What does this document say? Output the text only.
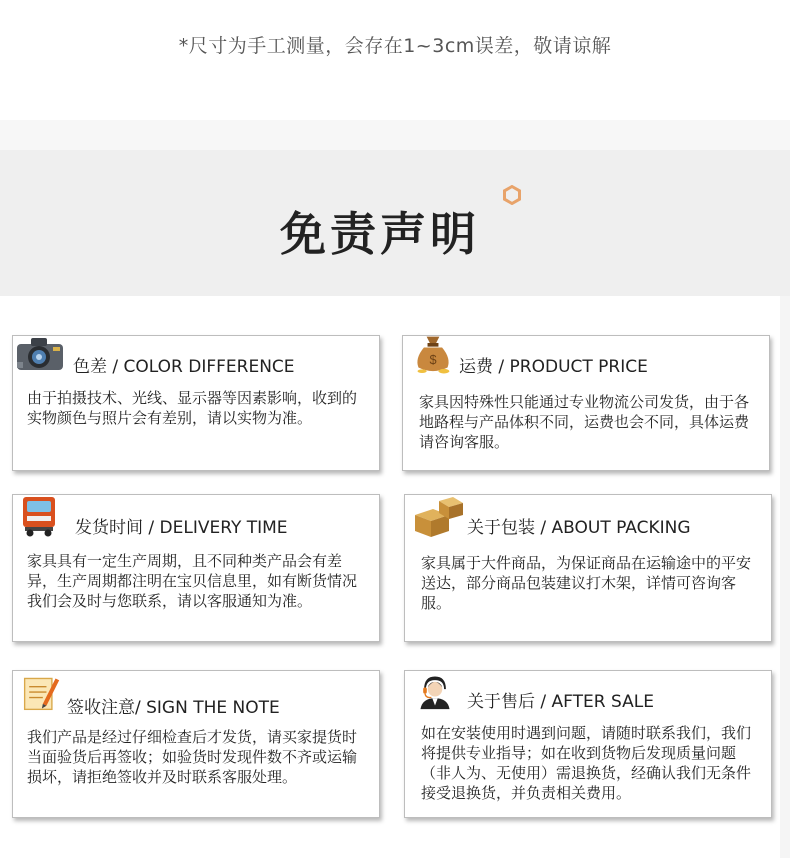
*尺寸为手工测量，会存在1~3cm误差，敬请谅解
免责声明
色差 / COLOR DIFFERENCE
由于拍摄技术、光线、显示器等因素影响，收到的实物颜色与照片会有差别，请以实物为准。
$ 运费 / PRODUCT PRICE
家具因特殊性只能通过专业物流公司发货，由于各地路程与产品体积不同，运费也会不同，具体运费请咨询客服。
发货时间 / DELIVERY TIME
家具具有一定生产周期，且不同种类产品会有差异，生产周期都注明在宝贝信息里，如有断货情况我们会及时与您联系，请以客服通知为准。
关于包装 / ABOUT PACKING
家具属于大件商品，为保证商品在运输途中的平安送达，部分商品包装建议打木架，详情可咨询客服。
签收注意/ SIGN THE NOTE
我们产品是经过仔细检查后才发货，请买家提货时当面验货后再签收；如验货时发现件数不齐或运输损坏，请拒绝签收并及时联系客服处理。
关于售后 / AFTER SALE
如在安装使用时遇到问题，请随时联系我们，我们将提供专业指导；如在收到货物后发现质量问题（非人为、无使用）需退换货，经确认我们无条件接受退换货，并负责相关费用。
